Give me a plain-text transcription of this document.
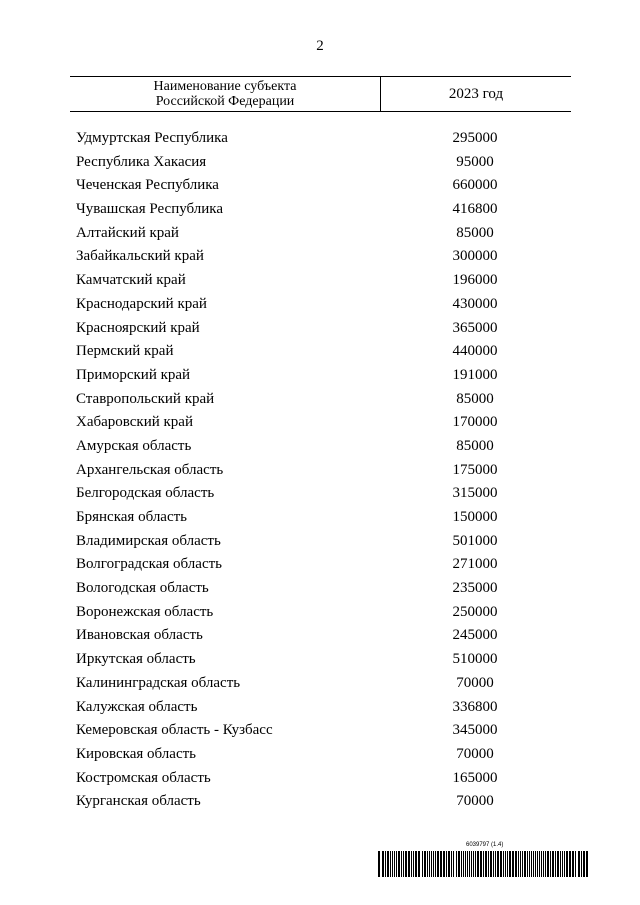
2
Наименование субъекта
Российской Федерации	2023 год
Удмуртская Республика	295000
Республика Хакасия	95000
Чеченская Республика	660000
Чувашская Республика	416800
Алтайский край	85000
Забайкальский край	300000
Камчатский край	196000
Краснодарский край	430000
Красноярский край	365000
Пермский край	440000
Приморский край	191000
Ставропольский край	85000
Хабаровский край	170000
Амурская область	85000
Архангельская область	175000
Белгородская область	315000
Брянская область	150000
Владимирская область	501000
Волгоградская область	271000
Вологодская область	235000
Воронежская область	250000
Ивановская область	245000
Иркутская область	510000
Калининградская область	70000
Калужская область	336800
Кемеровская область - Кузбасс	345000
Кировская область	70000
Костромская область	165000
Курганская область	70000
6039797 (1.4)
